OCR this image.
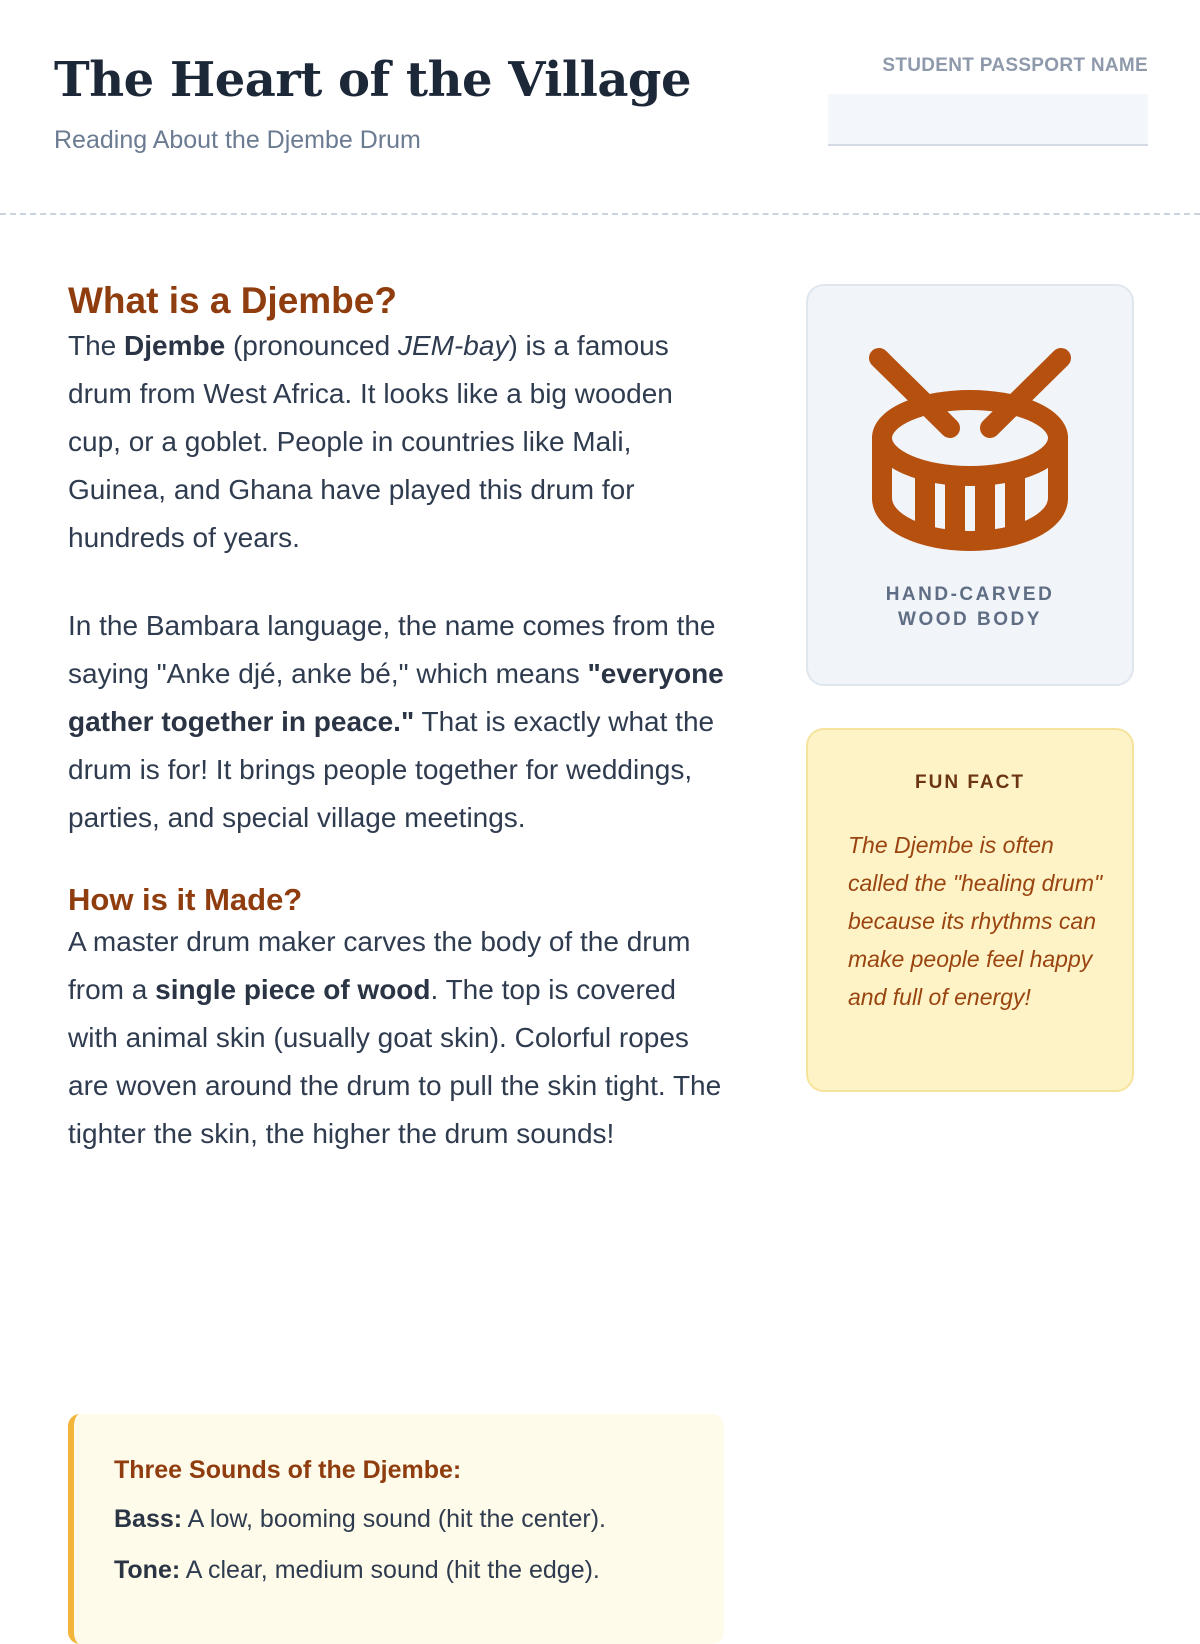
The Heart of the Village
Reading About the Djembe Drum
STUDENT PASSPORT NAME
What is a Djembe?

The Djembe (pronounced JEM-bay) is a famous drum from West Africa. It looks like a big wooden cup, or a goblet. People in countries like Mali, Guinea, and Ghana have played this drum for hundreds of years.

In the Bambara language, the name comes from the saying "Anke djé, anke bé," which means "everyone gather together in peace." That is exactly what the drum is for! It brings people together for weddings, parties, and special village meetings.

How is it Made?

A master drum maker carves the body of the drum from a single piece of wood. The top is covered with animal skin (usually goat skin). Colorful ropes are woven around the drum to pull the skin tight. The tighter the skin, the higher the drum sounds!

Three Sounds of the Djembe:
Bass: A low, booming sound (hit the center).
Tone: A clear, medium sound (hit the edge).
HAND-CARVED
WOOD BODY
FUN FACT

The Djembe is often called the "healing drum" because its rhythms can make people feel happy and full of energy!
